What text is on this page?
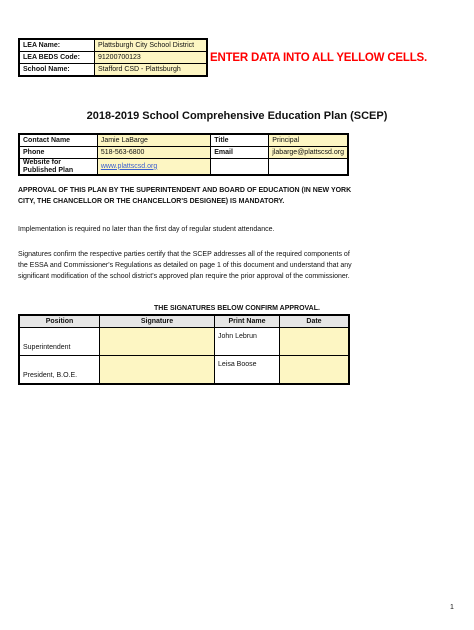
LEA Name:	Plattsburgh City School District
LEA BEDS Code:	91200700123
School Name:	Stafford CSD - Plattsburgh
ENTER DATA INTO ALL YELLOW CELLS.
2018-2019 School Comprehensive Education Plan (SCEP)
Contact Name	Jamie LaBarge	Title	Principal
Phone	518-563-6800	Email	jlabarge@plattscsd.org
Website for Published Plan	www.plattscsd.org		
APPROVAL OF THIS PLAN BY THE SUPERINTENDENT AND BOARD OF EDUCATION (IN NEW YORK CITY, THE CHANCELLOR OR THE CHANCELLOR'S DESIGNEE) IS MANDATORY.
Implementation is required no later than the first day of regular student attendance.
Signatures confirm the respective parties certify that the SCEP addresses all of the required components of the ESSA and Commissioner's Regulations as detailed on page 1 of this document and understand that any significant modification of the school district's approved plan require the prior approval of the commissioner.
THE SIGNATURES BELOW CONFIRM APPROVAL.
Position	Signature	Print Name	Date
Superintendent		John Lebrun	
President, B.O.E.		Leisa Boose	
1
